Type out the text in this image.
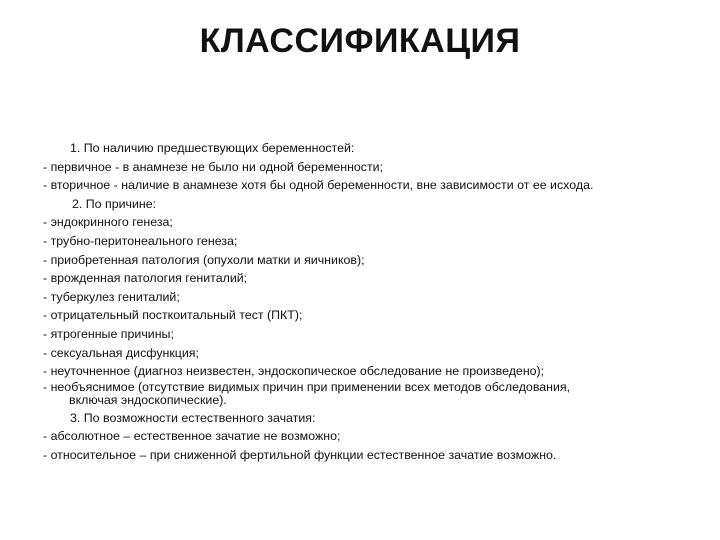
КЛАССИФИКАЦИЯ
1. По наличию предшествующих беременностей:
- первичное - в анамнезе не было ни одной беременности;
- вторичное - наличие в анамнезе хотя бы одной беременности, вне зависимости от ее исхода.
2. По причине:
- эндокринного генеза;
- трубно-перитонеального генеза;
- приобретенная патология (опухоли матки и яичников);
- врожденная патология гениталий;
- туберкулез гениталий;
- отрицательный посткоитальный тест (ПКТ);
- ятрогенные причины;
- сексуальная дисфункция;
- неуточненное (диагноз неизвестен, эндоскопическое обследование не произведено);
- необъяснимое (отсутствие видимых причин при применении всех методов обследования,
включая эндоскопические).
3. По возможности естественного зачатия:
- абсолютное – естественное зачатие не возможно;
- относительное – при сниженной фертильной функции естественное зачатие возможно.
